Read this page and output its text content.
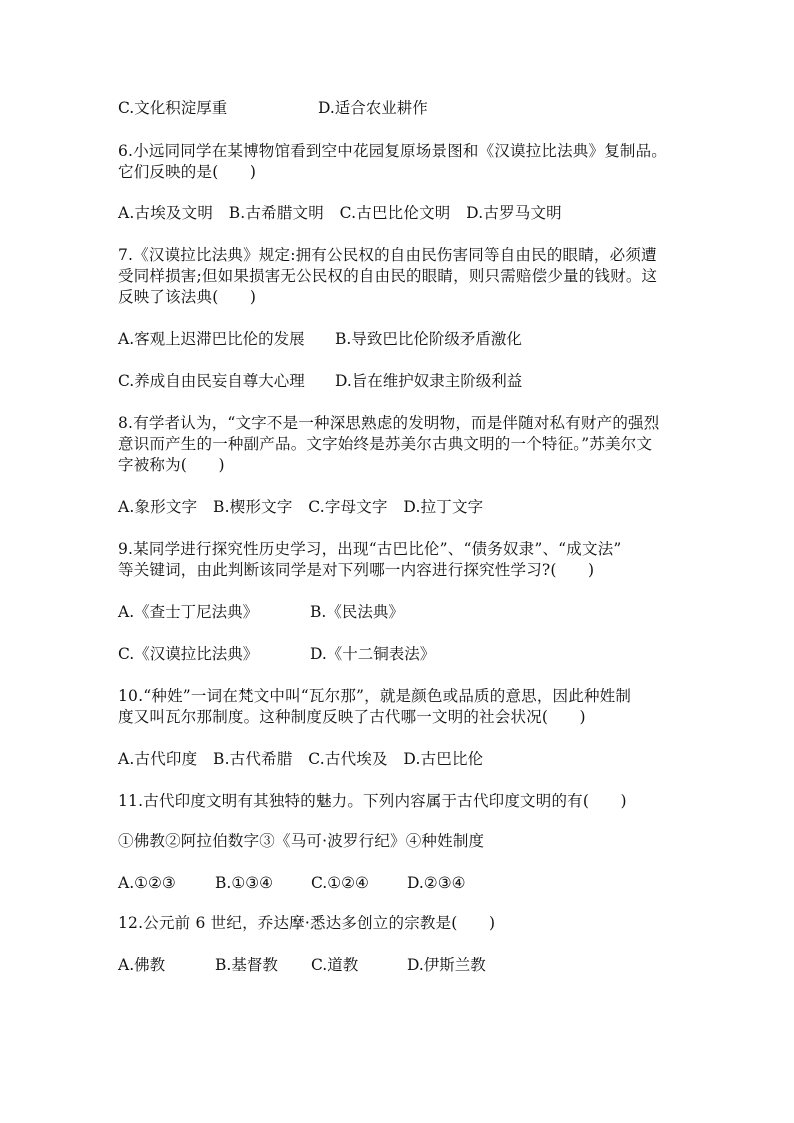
C.文化积淀厚重	D.适合农业耕作
6.小远同同学在某博物馆看到空中花园复原场景图和《汉谟拉比法典》复制品。
它们反映的是(　　)
A.古埃及文明　B.古希腊文明　C.古巴比伦文明　D.古罗马文明
7.《汉谟拉比法典》规定:拥有公民权的自由民伤害同等自由民的眼睛，必须遭
受同样损害;但如果损害无公民权的自由民的眼睛，则只需赔偿少量的钱财。这
反映了该法典(　　)
A.客观上迟滞巴比伦的发展 B.导致巴比伦阶级矛盾激化
C.养成自由民妄自尊大心理 D.旨在维护奴隶主阶级利益
8.有学者认为，“文字不是一种深思熟虑的发明物，而是伴随对私有财产的强烈
意识而产生的一种副产品。文字始终是苏美尔古典文明的一个特征。”苏美尔文
字被称为(　　)
A.象形文字　B.楔形文字　C.字母文字　D.拉丁文字
9.某同学进行探究性历史学习，出现“古巴比伦”、“债务奴隶”、“成文法”
等关键词，由此判断该同学是对下列哪一内容进行探究性学习?(　　)
A.《查士丁尼法典》	B.《民法典》
C.《汉谟拉比法典》	D.《十二铜表法》
10.“种姓”一词在梵文中叫“瓦尔那”，就是颜色或品质的意思，因此种姓制
度又叫瓦尔那制度。这种制度反映了古代哪一文明的社会状况(　　)
A.古代印度　B.古代希腊　C.古代埃及　D.古巴比伦
11.古代印度文明有其独特的魅力。下列内容属于古代印度文明的有(　　)
①佛教②阿拉伯数字③《马可·波罗行纪》④种姓制度
A.①②③	B.①③④ C.①②④ D.②③④
12.公元前 6 世纪，乔达摩·悉达多创立的宗教是(　　)
A.佛教	B.基督教 C.道教	D.伊斯兰教
